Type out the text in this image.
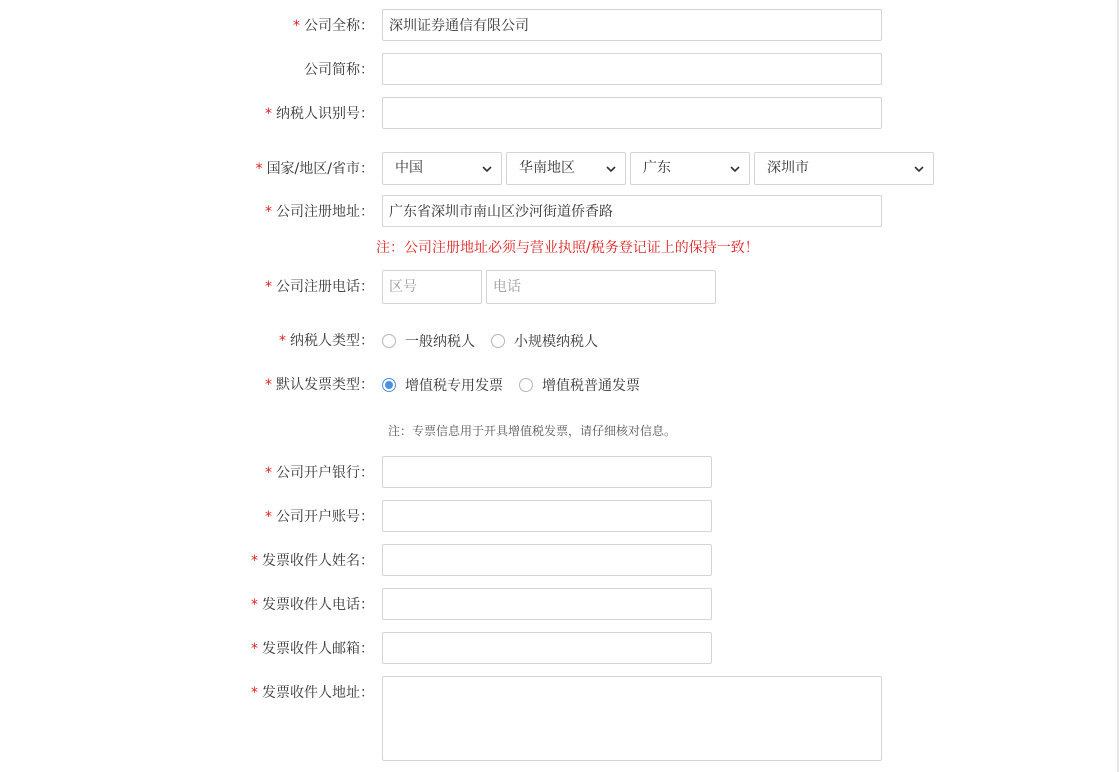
* 公司全称：
深圳证券通信有限公司
公司简称：
* 纳税人识别号：
* 国家/地区/省市：	中国	华南地区	广东	深圳市
* 公司注册地址：
广东省深圳市南山区沙河街道侨香路
注：公司注册地址必须与营业执照/税务登记证上的保持一致！
* 公司注册电话：
区号
电话
* 纳税人类型： 一般纳税人	小规模纳税人
* 默认发票类型： 增值税专用发票	增值税普通发票
注：专票信息用于开具增值税发票，请仔细核对信息。
* 公司开户银行：
* 公司开户账号：
* 发票收件人姓名：
* 发票收件人电话：
* 发票收件人邮箱：
* 发票收件人地址：
